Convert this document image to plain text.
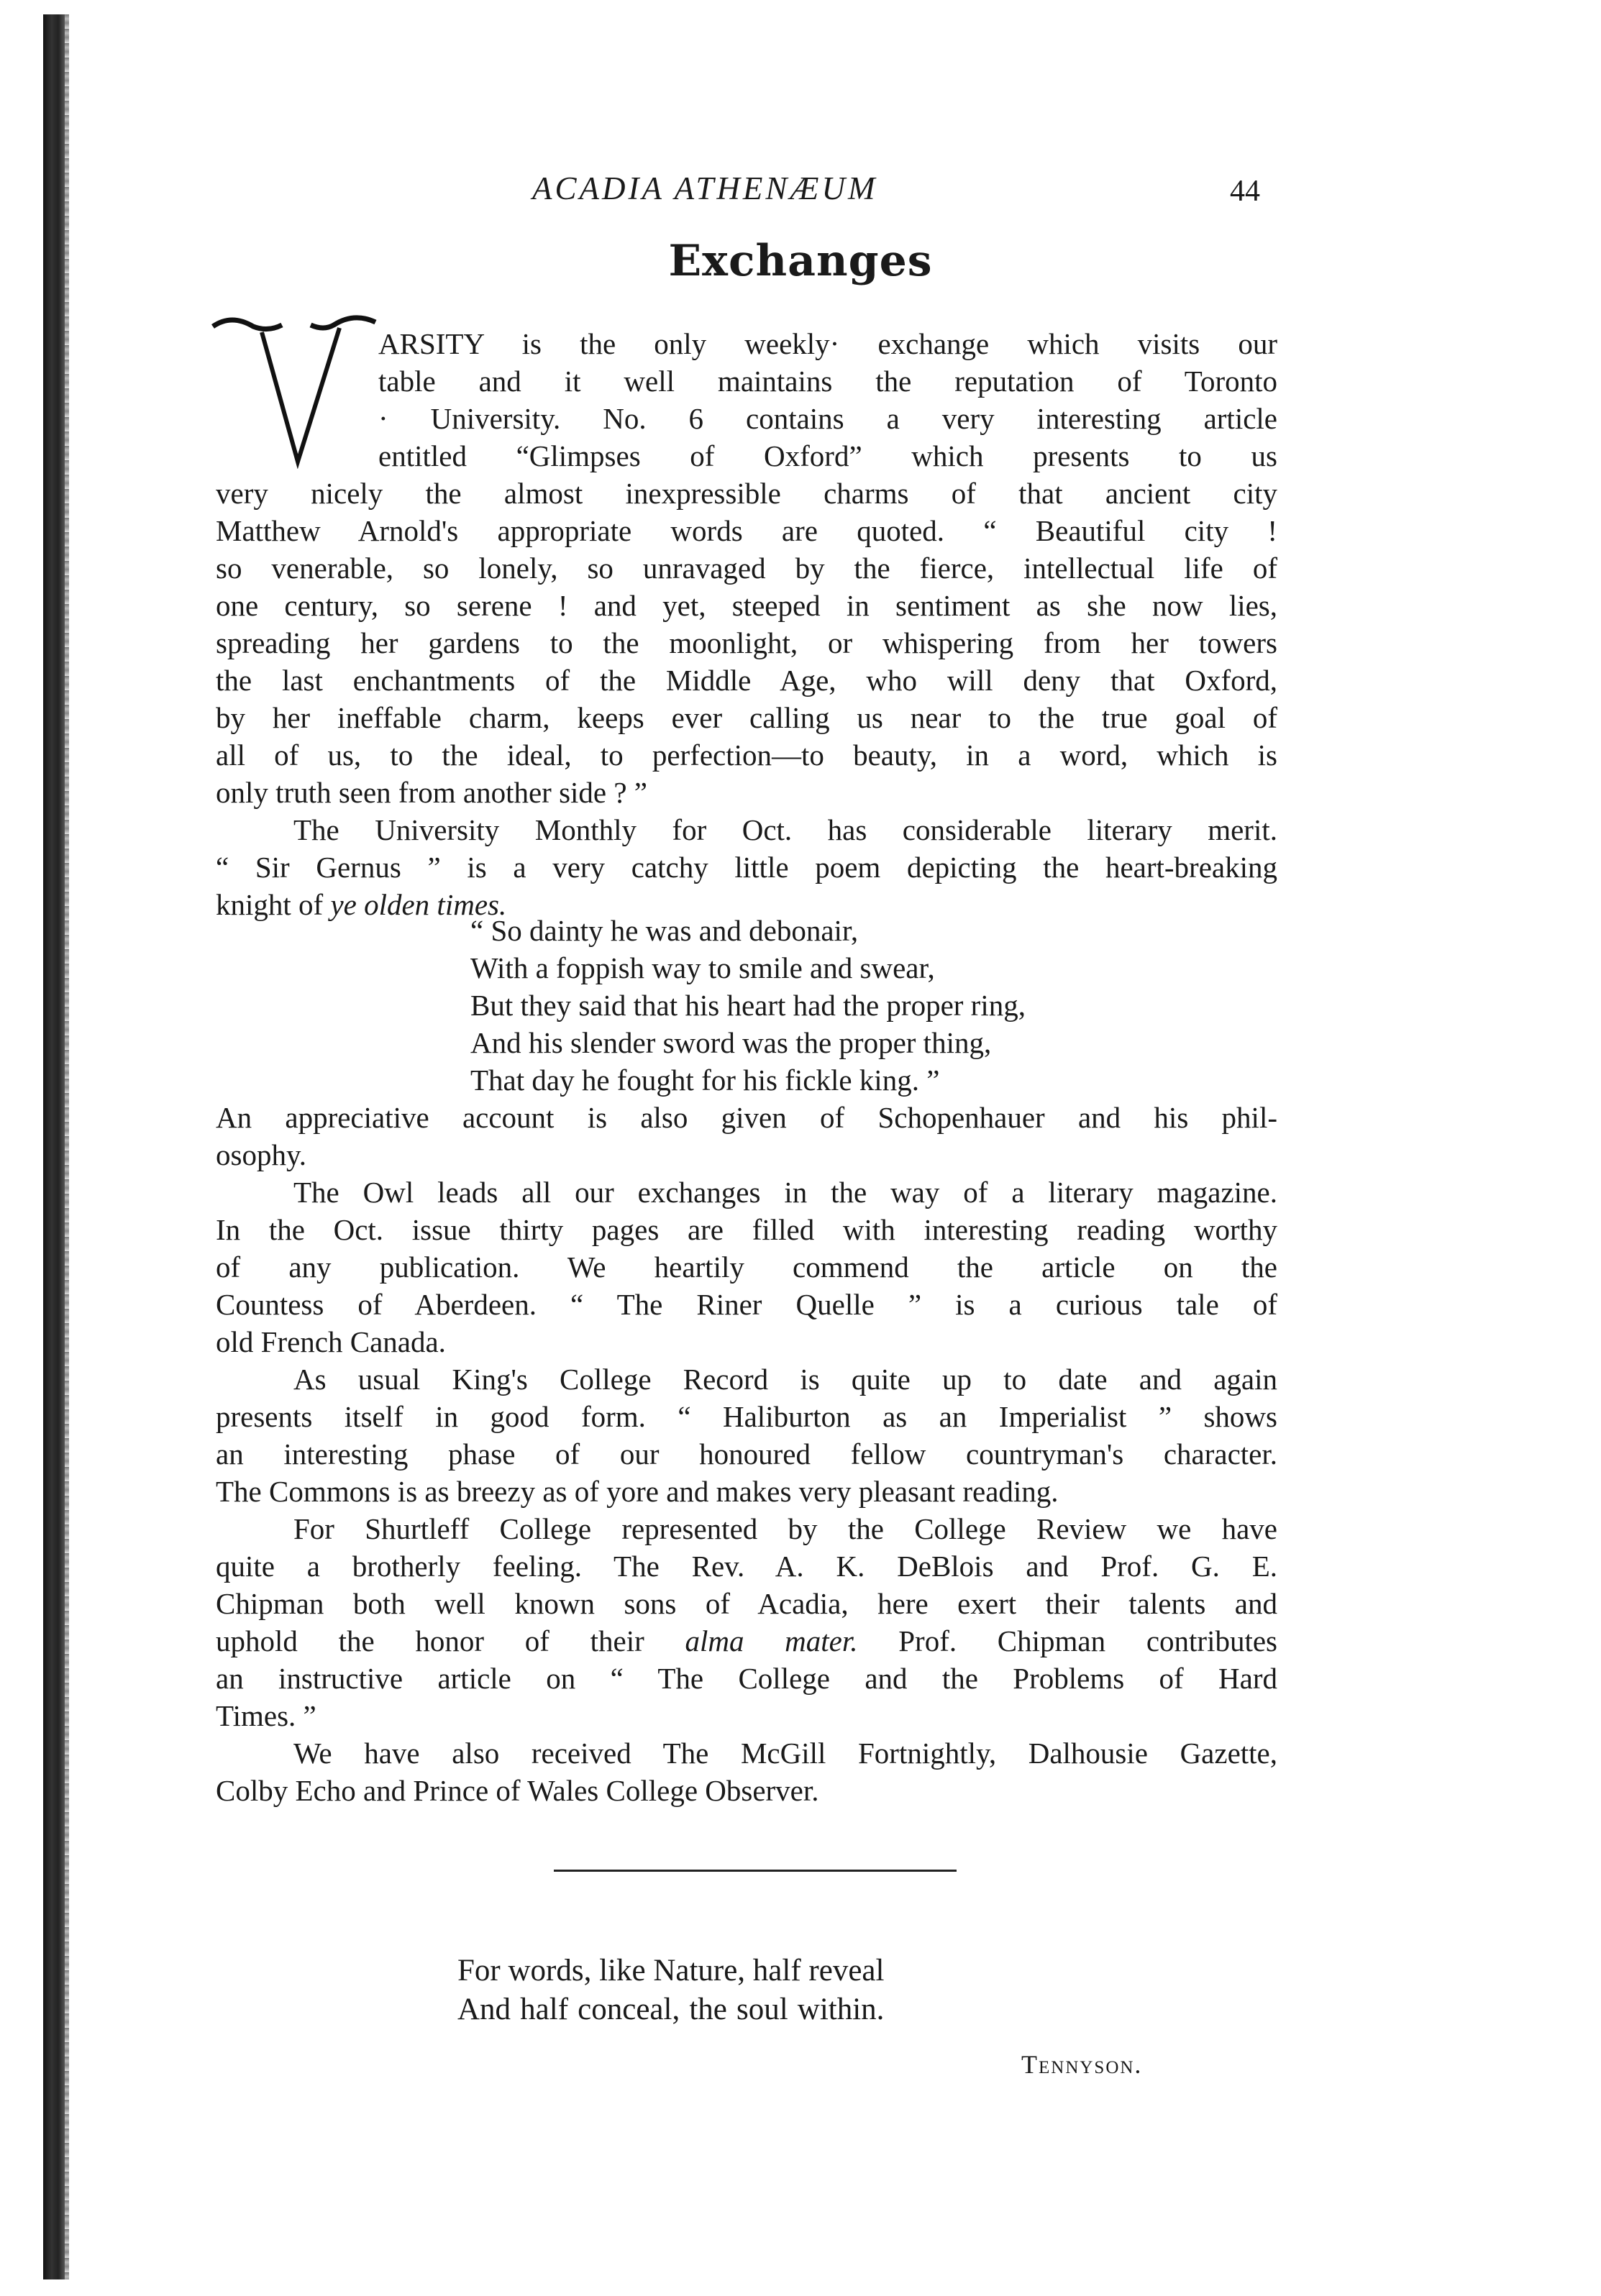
ACADIA ATHENÆUM	44
Exchanges
ARSITY is the only weekly· exchange which visits our
table and it well maintains the reputation of Toronto
· University. No. 6 contains a very interesting article
entitled “Glimpses of Oxford” which presents to us
very nicely the almost inexpressible charms of that ancient city
Matthew Arnold's appropriate words are quoted. “ Beautiful city !
so venerable, so lonely, so unravaged by the fierce, intellectual life of
one century, so serene ! and yet, steeped in sentiment as she now lies,
spreading her gardens to the moonlight, or whispering from her towers
the last enchantments of the Middle Age, who will deny that Oxford,
by her ineffable charm, keeps ever calling us near to the true goal of
all of us, to the ideal, to perfection—to beauty, in a word, which is
only truth seen from another side ? ”
The University Monthly for Oct. has considerable literary merit.
“ Sir Gernus ” is a very catchy little poem depicting the heart-breaking
knight of ye olden times.
“ So dainty he was and debonair,
With a foppish way to smile and swear,
But they said that his heart had the proper ring,
And his slender sword was the proper thing,
That day he fought for his fickle king. ”
An appreciative account is also given of Schopenhauer and his phil-
osophy.
The Owl leads all our exchanges in the way of a literary magazine.
In the Oct. issue thirty pages are filled with interesting reading worthy
of any publication. We heartily commend the article on the
Countess of Aberdeen. “ The Riner Quelle ” is a curious tale of
old French Canada.
As usual King's College Record is quite up to date and again
presents itself in good form. “ Haliburton as an Imperialist ” shows
an interesting phase of our honoured fellow countryman's character.
The Commons is as breezy as of yore and makes very pleasant reading.
For Shurtleff College represented by the College Review we have
quite a brotherly feeling. The Rev. A. K. DeBlois and Prof. G. E.
Chipman both well known sons of Acadia, here exert their talents and
uphold the honor of their alma mater. Prof. Chipman contributes
an instructive article on “ The College and the Problems of Hard
Times. ”
We have also received The McGill Fortnightly, Dalhousie Gazette,
Colby Echo and Prince of Wales College Observer.
For words, like Nature, half reveal
And half conceal, the soul within.
Tennyson.
